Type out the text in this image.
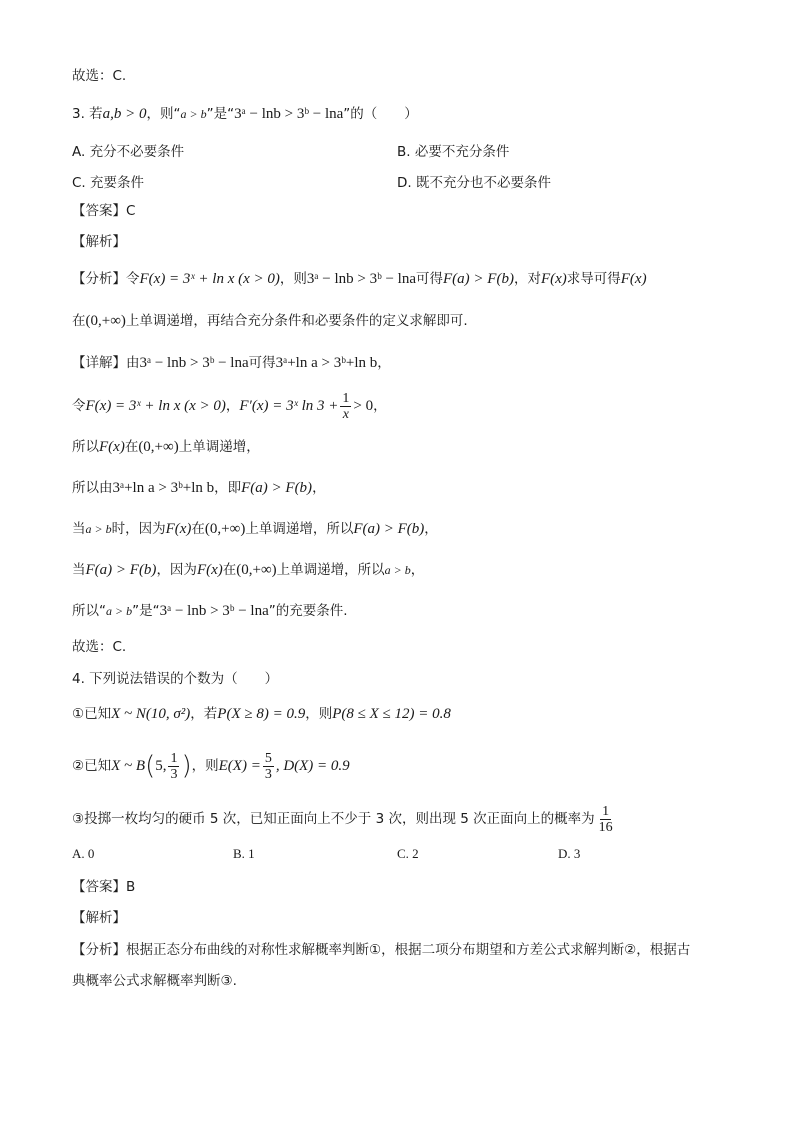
故选：C.
3. 若a,b > 0，则“a > b”是“3ᵃ − lnb > 3ᵇ − lna”的（　　）
A. 充分不必要条件	B. 必要不充分条件
C. 充要条件	D. 既不充分也不必要条件
【答案】C
【解析】
【分析】令F(x) = 3ˣ + ln x (x > 0)，则3ᵃ − lnb > 3ᵇ − lna可得F(a) > F(b)，对F(x)求导可得F(x)
在(0,+∞)上单调递增，再结合充分条件和必要条件的定义求解即可.
【详解】由3ᵃ − lnb > 3ᵇ − lna可得3ᵃ+ln a > 3ᵇ+ln b，
令F(x) = 3ˣ + ln x (x > 0)，F′(x) = 3ˣ $\ln 3 + \frac{1}{x} > 0$，
所以F(x)在(0,+∞)上单调递增，
所以由3ᵃ+ln a > 3ᵇ+ln b，即F(a) > F(b)，
当a > b时，因为F(x)在(0,+∞)上单调递增，所以F(a) > F(b)，
当F(a) > F(b)，因为F(x)在(0,+∞)上单调递增，所以a > b，
所以“a > b”是“3ᵃ − lnb > 3ᵇ − lna”的充要条件.
故选：C.
4. 下列说法错误的个数为（　　）
①已知X ~ N(10, σ²)，若P(X ≥ 8) = 0.9，则P(8 ≤ X ≤ 12) = 0.8
②已知X ~ B(5, $\frac{1}{3}$ )，则$E(X) = \frac{5}{3}$ , D(X) = 0.9
③投掷一枚均匀的硬币 5 次，已知正面向上不少于 3 次，则出现 5 次正面向上的概率为 $\frac{1}{16}$
A. 0	B. 1	C. 2	D. 3
【答案】B
【解析】
【分析】根据正态分布曲线的对称性求解概率判断①，根据二项分布期望和方差公式求解判断②，根据古
典概率公式求解概率判断③.
